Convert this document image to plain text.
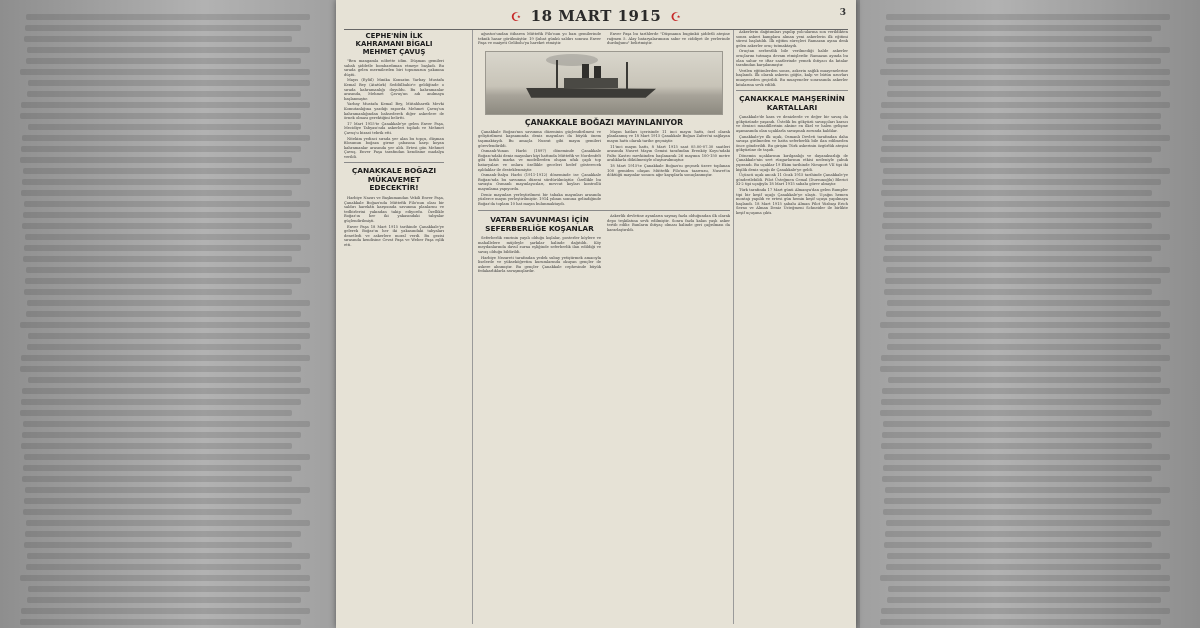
☪ 18 MART 1915 ☪	3
CEPHE'NİN İLK KAHRAMANI BİGALI MEHMET ÇAVUŞ

"Ben mangamla nöbette idim. Düşman gemileri sabah şiddetle bombardıman etmeye başladı. Bu sırada gelen mermilerden biri topumuzun yakınına düştü.

Mayıs (Eylül) Mınika Konsatın Yarbay Mustafa Kemal Bey (Atatürk) Seddülbahir'e geldiğinde o sırada kahramanlığı duyuldu. Bu kahramanlar arasında, Mehmet Çavuş'un adı anılmaya başlanmıştır.

Yarbay Mustafa Kemal Bey, Mütahharrik Mevki Komutanlığına yazdığı raporda Mehmet Çavuş'un kahramanlığından bahsederek diğer askerlere de örnek olması gerektiğini belirtti.

17 Mart 1915'te Çanakkale'ye gelen Enver Paşa, Mecidiye Tabyası'nda askerleri topladı ve Mehmet Çavuş'u bizzat tebrik etti.

Nitekim yedinci sırada yer alan bu topçu, düşman filosunun boğaza girme çabasına karşı koyan kahramanlar arasında yer aldı. Ertesi gün Mehmet Çavuş, Enver Paşa tarafından kendisine madalya verildi.

ÇANAKKALE BOĞAZI MÜKAVEMET EDECEKTİR!

Harbiye Nazırı ve Başkumandan Vekili Enver Paşa, Çanakkale Boğazı'nda Müttefik Filo'nun olası bir saldırı harekâtı karşısında savunma planlarını ve tedbirlerini yakından takip ediyordu. Özellikle Boğaz'ın her iki yakasındaki tabyalar güçlendirilmişti.

Enver Paşa 18 Mart 1915 tarihinde Çanakkale'ye gelerek Boğaz'ın her iki yakasındaki tabyaları denetledi ve askerlere moral verdi. Bu gezisi sırasında kendisine Cevat Paşa ve Weber Paşa eşlik etti.

ağustos'undan itibaren Müttefik Filo'nun yo bazı gemilerinde teknik hasar görülmüştür. 19 Şubat günkü saldırı sonrası Enver Paşa ve maiyeti Gelibolu'ya hareket etmiştir.

Enver Paşa bu tarihlerde "Düşmanın bugünkü şiddetli ateşine rağmen 5. Alay bataryalarımızın sabır ve ciddiyet ile yerlerinde durduğunu" belirtmiştir.

ÇANAKKALE BOĞAZI MAYINLANIYOR

Çanakkale Boğazı'nın savunma düzeninin güçlendirilmesi ve geliştirilmesi kapsamında deniz mayınları da büyük önem taşımaktaydı. Bu amaçla Nusrat gibi mayın gemileri görevlendirildi.

Osmanlı-Yunan Harbi (1897) döneminde Çanakkale Boğazı'ndaki deniz mayınları kiyi hattında Müttefik ve Nordenfelt gibi farklı marka ve modellerden oluşan ufak çaplı top bataryaları ve onlara özellikle geceleri hedef gösterecek ışıldaklar ile desteklenmiştir.

Osmanlı-İtalya Harbi (1911-1912) döneminde ise Çanakkale Boğazı'nda bu savunma düzeni sürdürülmüştür. Özellikle bu savaşta Osmanlı mayınlayıcıları, mevcut koyları kontrollü mayınlama yapıyordu.

Deniz mayınları yerleştirilmesi bir tabaka mayınları arasında yüzlerce mayın yerleştirilmiştir. 1914 yılının sonuna gelindiğinde Boğaz'da toplam 10 hat mayın bulunmaktaydı.

Mayın hatları içerisinde 11 inci mayın hattı, özel olarak planlanmış ve 18 Mart 1915 Çanakkale Boğazı Zaferi'ni sağlayan mayın hattı olarak tarihe geçmiştir.

11'inci mayın hattı, 8 Mart 1915 saat 05.00-07.30 saatleri arasında Nusret Mayın Gemisi tarafından Erenköy Koyu'ndaki Palto Kastro mevkiinden başlanarak 26 mayının 100-150 metre aralıklarla dökülmesiyle oluşturulmuştur.

18 Mart 1915'te Çanakkale Boğazı'nı geçmek üzere toplanan 100 gemiden oluşan Müttefik Filo'nun taarruzu, Nusret'in döktüğü mayınlar sonucu ağır kayıplarla sonuçlanmıştır.

VATAN SAVUNMASI İÇİN SEFERBERLİĞE KOŞANLAR

Seferberlik emrinin yayılı olduğu kışlalar, posterler köylere ve mahallelere müjdeyle şarkılar halinde dağıtıldı. Köy meydanlarında davul zurna eşliğinde seferberlik ilan edildiği ve savaş olduğu bildirildi.

Harbiye Nezareti tarafından yedek subay yetiştirmek amacıyla liselerde ve yükseköğretim kurumlarında okuyan gençler de askere alınmıştır. Bu gençler Çanakkale cephesinde büyük fedakarlıklarla savaşmışlardır.

Askerlik devletine ayanların saymış fazla olduğundan ilk olarak depo teşkilatına sevk edilmiştir. Sonra fazla kalan yaşlı asker tertib edilir. Bunların ihtiyaç olması halinde geri çağrılması da kararlaştırıldı.

Askerlerin dağıtımları yapılıp yolcularına son verildikten sonra askeri kamplara alınan yeni askerlerin ilk eğitimi süresi başlatıldı. İlk eğitim süreçleri Ramazan ayına denk gelen askerler oruç tutmaktaydı.

Oruçtan serbestlik bile verilmediği halde askerler oruçlarını tutmaya devam etmişlerdir. Ramazan ayında bu olan sahur ve iftar saatlerinde yemek ihtiyacı da kıtalar tarafından karşılanmıştır.

Verilen eğitimlerden sonra, askerin sağlık muayenelerine başlandı. İlk olarak askerin göğüs, kalp ve bütün uzuvları muayeneden geçirildi. Bu muayeneler sonrasında askerler kıtalarına sevk edildi.

ÇANAKKALE MAHŞERİNİN KARTALLARI

Çanakkale'de kara ve denizlerde ve değer bir savaş da gökyüzünde yaşandı. Üstelik bu gökyüzü savaşçıları karacı ve denizci muadillerinin aksine en ilkel ve halen gelişme aşamasında olan uçaklarla savaşmak zorunda kaldılar.

Çanakkale'ye ilk uçak, Osmanlı Devleti tarafından daha savaşa girilmeden ve hatta seferberlik bile ilan edilmeden önce gönderildi. Bu girişim Türk askerinin özgürlük ateşini gökyüzüne de taşıdı.

Dönemin uçaklarının kırılganlığı ve dayanıksızlığı de Çanakkale'nin sert rüzgarlarının etkisi nedeniyle çabuk yıprandı. Bu uçaklar 19 Ekim tarihinde Nieuport VII tipi iki kişilik deniz uçağı ile Çanakkale'ye geldi.

Üçüncü uçak ancak 11 Ocak 1915 tarihinde Çanakkale'ye gönderilebildi. Pilot Üsteğmen Cemal (Dursunoğlu) Bleriot XI-2 tipi uçağıyla 18 Mart 1915 sabahı görev almıştır.

Türk tarafında 17 Mart günü Almanya'dan gelen Rumpler tipi bir keşif uçağı Çanakkale'ye ulaştı. Uçağın hemen montajı yapıldı ve ertesi gün hemin keşif uçuşu yapılmaya başlandı. 18 Mart 1915 sabahı Alman Pilot Yüzbaşı Erich Serno ve Alman Deniz Üsteğmeni Schneider ile birlikte keşif uçuşuna çıktı.
